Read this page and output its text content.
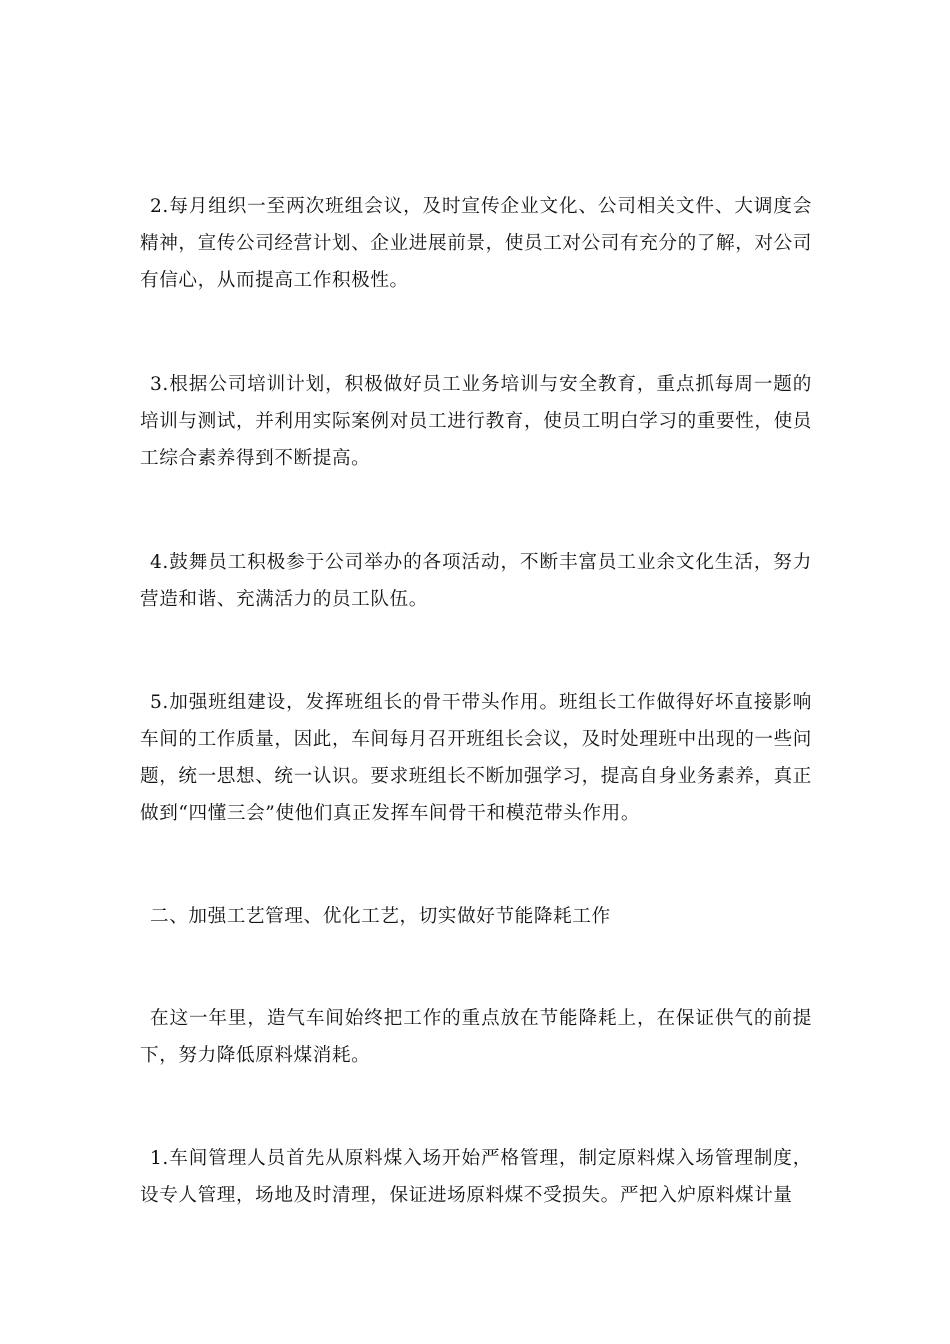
2.每月组织一至两次班组会议，及时宣传企业文化、公司相关文件、大调度会精神，宣传公司经营计划、企业进展前景，使员工对公司有充分的了解，对公司有信心，从而提高工作积极性。

3.根据公司培训计划，积极做好员工业务培训与安全教育，重点抓每周一题的培训与测试，并利用实际案例对员工进行教育，使员工明白学习的重要性，使员工综合素养得到不断提高。

4.鼓舞员工积极参于公司举办的各项活动，不断丰富员工业余文化生活，努力营造和谐、充满活力的员工队伍。

5.加强班组建设，发挥班组长的骨干带头作用。班组长工作做得好坏直接影响车间的工作质量，因此，车间每月召开班组长会议，及时处理班中出现的一些问题，统一思想、统一认识。要求班组长不断加强学习，提高自身业务素养，真正做到“四懂三会”使他们真正发挥车间骨干和模范带头作用。

二、加强工艺管理、优化工艺，切实做好节能降耗工作

在这一年里，造气车间始终把工作的重点放在节能降耗上，在保证供气的前提下，努力降低原料煤消耗。

1.车间管理人员首先从原料煤入场开始严格管理，制定原料煤入场管理制度，设专人管理，场地及时清理，保证进场原料煤不受损失。严把入炉原料煤计量
